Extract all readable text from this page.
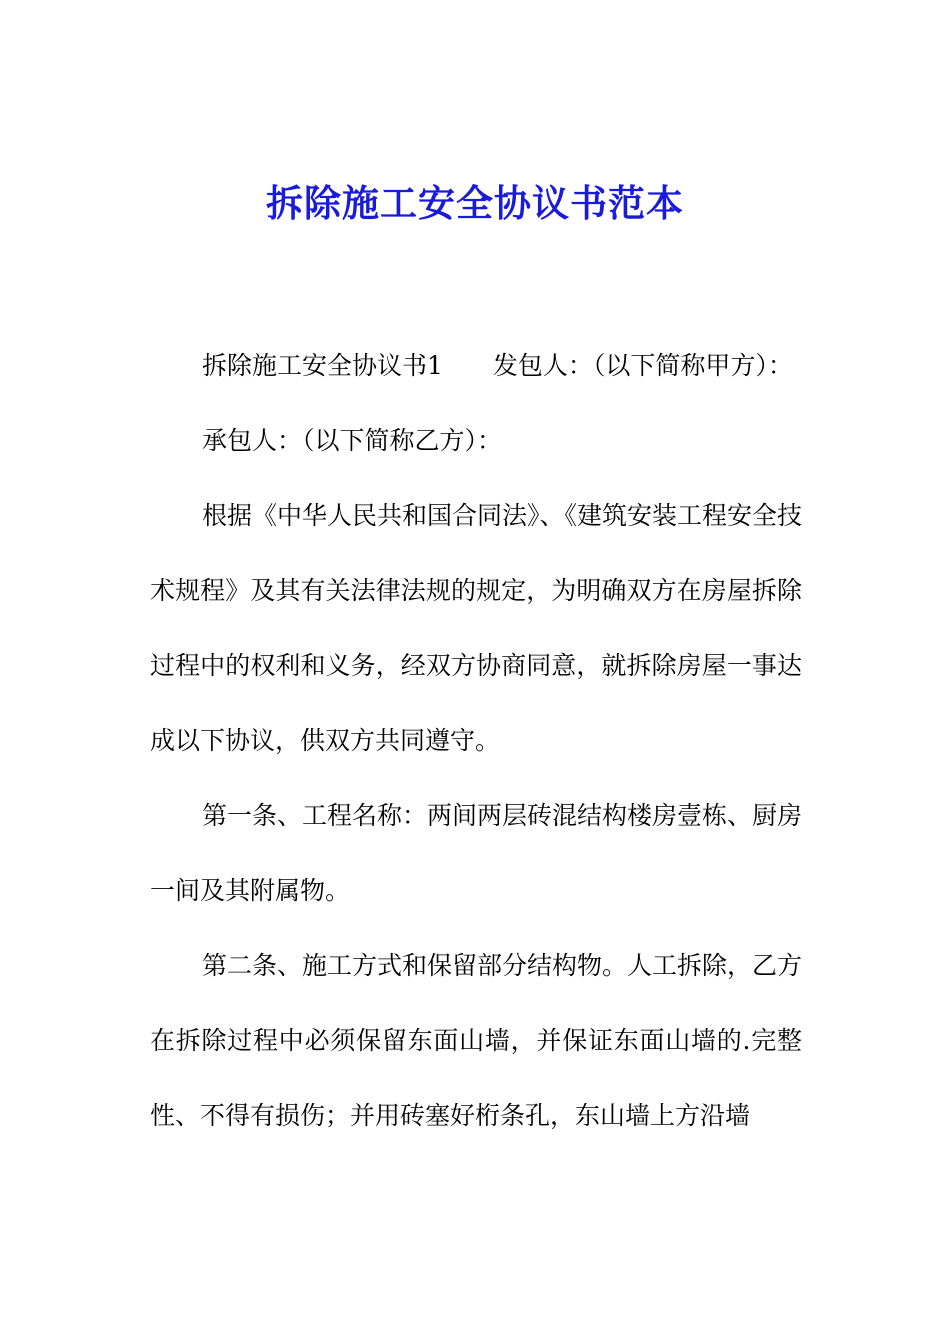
拆除施工安全协议书范本

拆除施工安全协议书1　　发包人：（以下简称甲方）：

承包人：（以下简称乙方）：

根据《中华人民共和国合同法》、《建筑安装工程安全技术规程》及其有关法律法规的规定，为明确双方在房屋拆除过程中的权利和义务，经双方协商同意，就拆除房屋一事达成以下协议，供双方共同遵守。

第一条、工程名称：两间两层砖混结构楼房壹栋、厨房一间及其附属物。

第二条、施工方式和保留部分结构物。人工拆除，乙方在拆除过程中必须保留东面山墙，并保证东面山墙的.完整性、不得有损伤；并用砖塞好桁条孔，东山墙上方沿墙
